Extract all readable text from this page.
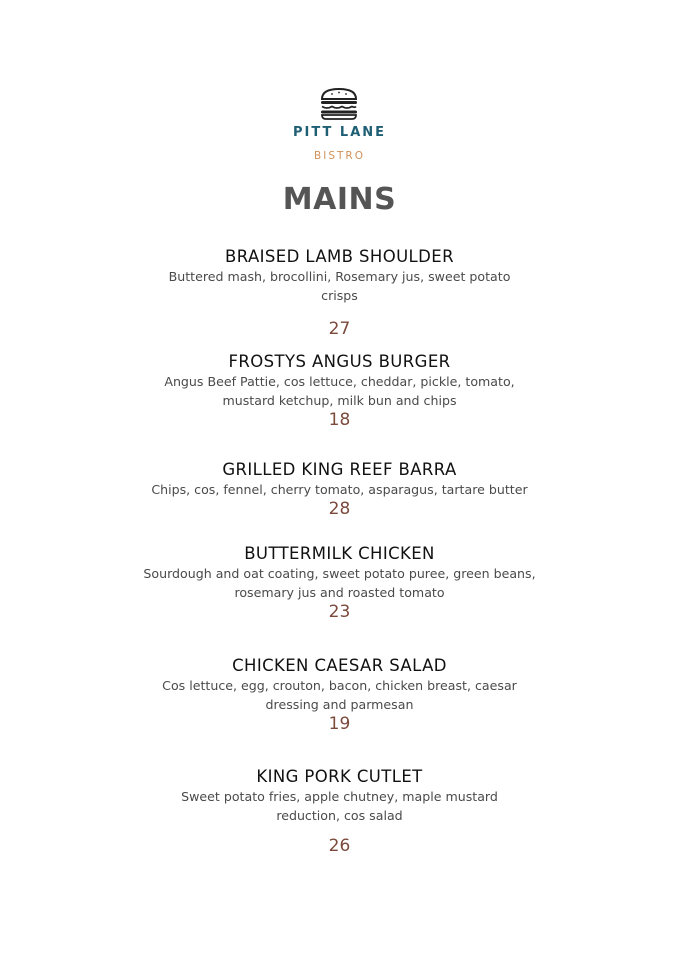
PITT LANE
BISTRO
MAINS
BRAISED LAMB SHOULDER
Buttered mash, brocollini, Rosemary jus, sweet potato crisps
27
FROSTYS ANGUS BURGER
Angus Beef Pattie, cos lettuce, cheddar, pickle, tomato, mustard ketchup, milk bun and chips
18
GRILLED KING REEF BARRA
Chips, cos, fennel, cherry tomato, asparagus, tartare butter
28
BUTTERMILK CHICKEN
Sourdough and oat coating, sweet potato puree, green beans, rosemary jus and roasted tomato
23
CHICKEN CAESAR SALAD
Cos lettuce, egg, crouton, bacon, chicken breast, caesar dressing and parmesan
19
KING PORK CUTLET
Sweet potato fries, apple chutney, maple mustard reduction, cos salad
26
